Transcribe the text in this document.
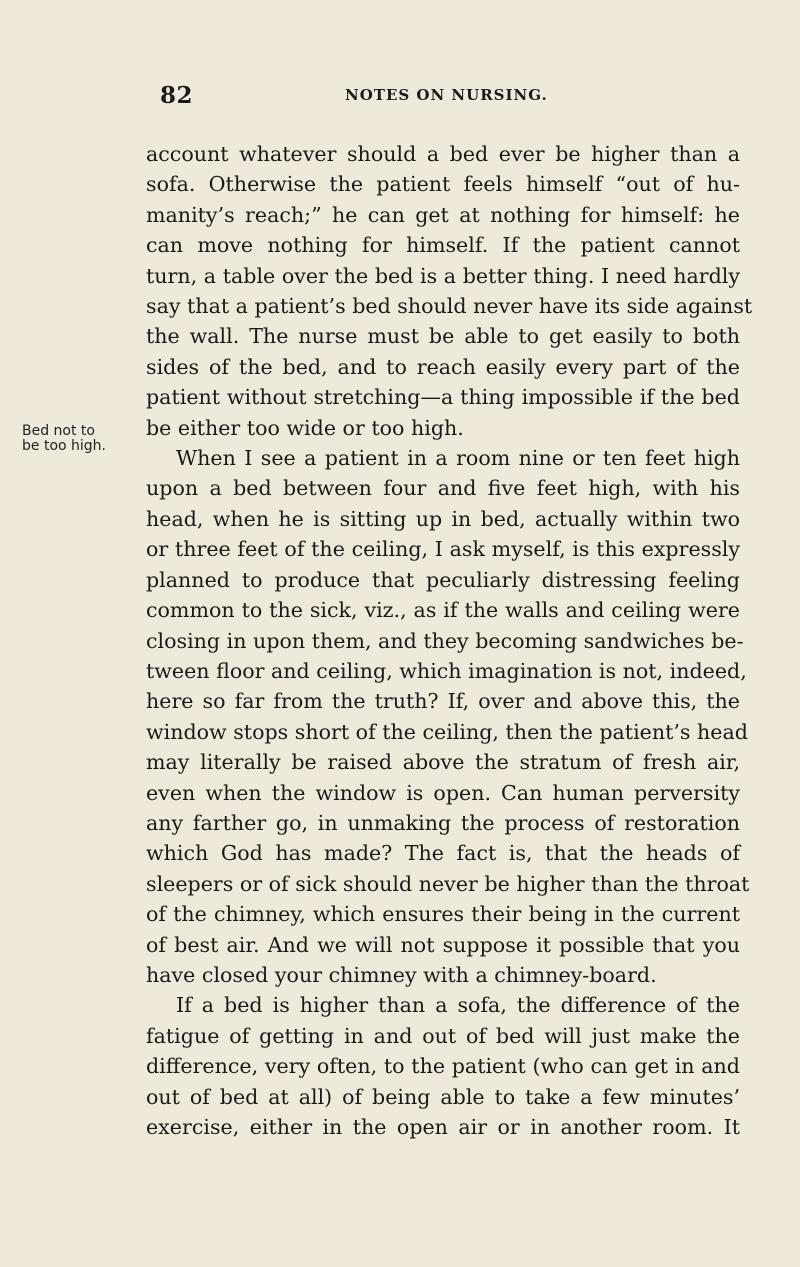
82	NOTES ON NURSING.
Bed not to
be too high.
account whatever should a bed ever be higher than a
sofa. Otherwise the patient feels himself “out of hu-
manity’s reach;” he can get at nothing for himself: he
can move nothing for himself. If the patient cannot
turn, a table over the bed is a better thing. I need hardly
say that a patient’s bed should never have its side against
the wall. The nurse must be able to get easily to both
sides of the bed, and to reach easily every part of the
patient without stretching—a thing impossible if the bed
be either too wide or too high.
When I see a patient in a room nine or ten feet high
upon a bed between four and five feet high, with his
head, when he is sitting up in bed, actually within two
or three feet of the ceiling, I ask myself, is this expressly
planned to produce that peculiarly distressing feeling
common to the sick, viz., as if the walls and ceiling were
closing in upon them, and they becoming sandwiches be-
tween floor and ceiling, which imagination is not, indeed,
here so far from the truth? If, over and above this, the
window stops short of the ceiling, then the patient’s head
may literally be raised above the stratum of fresh air,
even when the window is open. Can human perversity
any farther go, in unmaking the process of restoration
which God has made? The fact is, that the heads of
sleepers or of sick should never be higher than the throat
of the chimney, which ensures their being in the current
of best air. And we will not suppose it possible that you
have closed your chimney with a chimney-board.
If a bed is higher than a sofa, the difference of the
fatigue of getting in and out of bed will just make the
difference, very often, to the patient (who can get in and
out of bed at all) of being able to take a few minutes’
exercise, either in the open air or in another room. It
